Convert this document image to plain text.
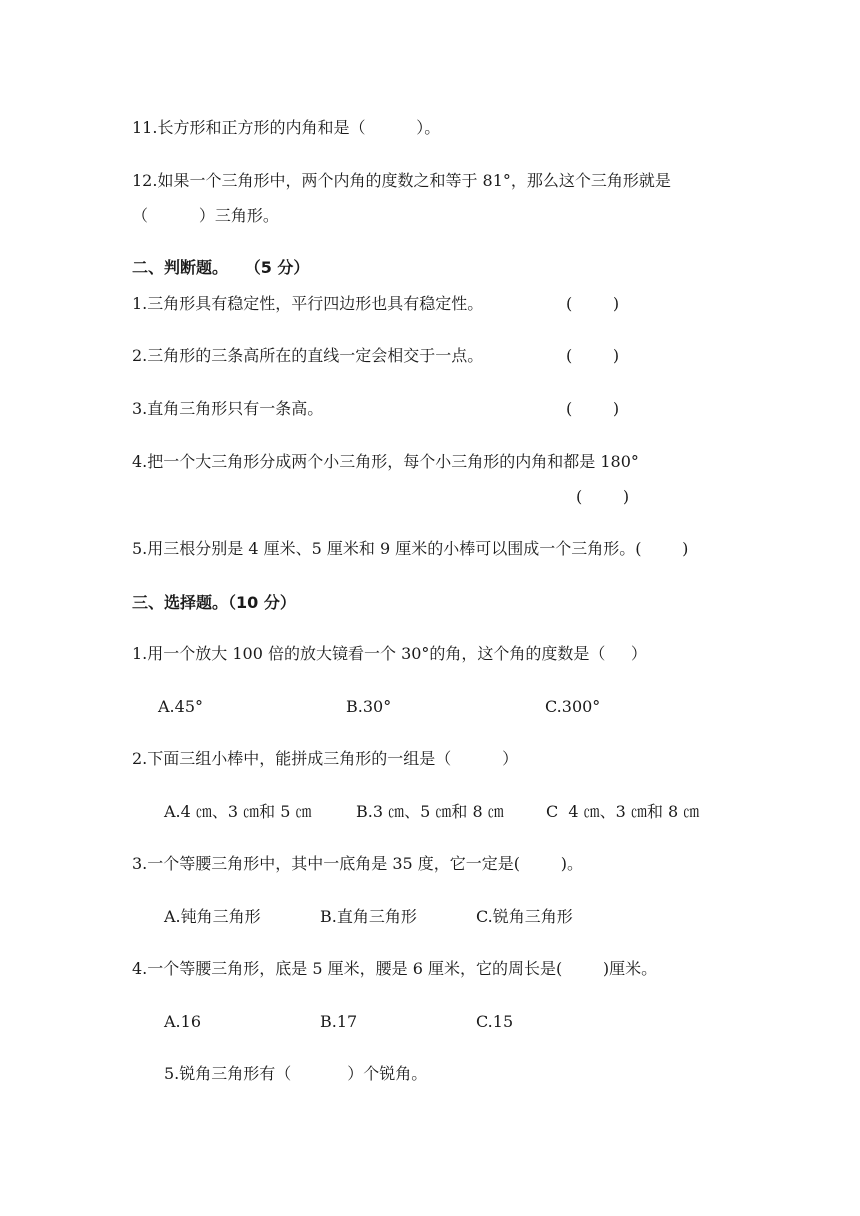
11.长方形和正方形的内角和是（          ）。

12.如果一个三角形中，两个内角的度数之和等于 81°，那么这个三角形就是

（          ）三角形。

二、判断题。   （5 分）

1.三角形具有稳定性，平行四边形也具有稳定性。	(        )

2.三角形的三条高所在的直线一定会相交于一点。	(        )

3.直角三角形只有一条高。	(        )

4.把一个大三角形分成两个小三角形，每个小三角形的内角和都是 180°

(        )

5.用三根分别是 4 厘米、5 厘米和 9 厘米的小棒可以围成一个三角形。(        )

三、选择题。（10 分）

1.用一个放大 100 倍的放大镜看一个 30°的角，这个角的度数是（     ）

A.45°	B.30°	C.300°

2.下面三组小棒中，能拼成三角形的一组是（          ）

A.4 ㎝、3 ㎝和 5 ㎝	B.3 ㎝、5 ㎝和 8 ㎝	C  4 ㎝、3 ㎝和 8 ㎝

3.一个等腰三角形中，其中一底角是 35 度，它一定是(        )。

A.钝角三角形	B.直角三角形	C.锐角三角形

4.一个等腰三角形，底是 5 厘米，腰是 6 厘米，它的周长是(        )厘米。

A.16	B.17	C.15

5.锐角三角形有（           ）个锐角。
